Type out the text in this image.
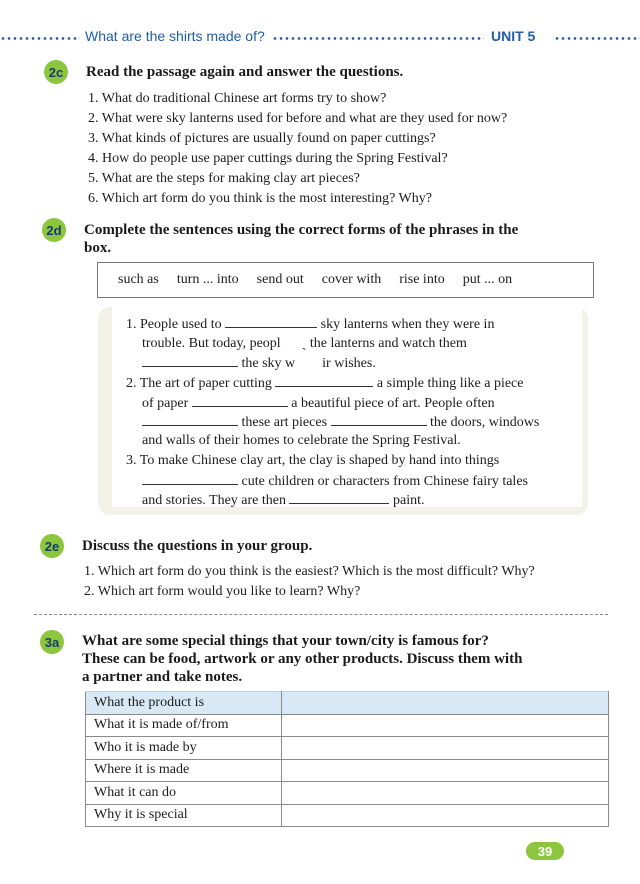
What are the shirts made of?	UNIT 5
2c	Read the passage again and answer the questions.
1. What do traditional Chinese art forms try to show?
2. What were sky lanterns used for before and what are they used for now?
3. What kinds of pictures are usually found on paper cuttings?
4. How do people use paper cuttings during the Spring Festival?
5. What are the steps for making clay art pieces?
6. Which art form do you think is the most interesting? Why?
2d Complete the sentences using the correct forms of the phrases in the
box.
such as turn ... into send out cover with rise into put ... on
1. People used to	sky lanterns when they were in
trouble. But today, peopl ˎ the lanterns and watch them
the sky w ir wishes.
2. The art of paper cutting	a simple thing like a piece
of paper	a beautiful piece of art. People often
these art pieces	the doors, windows
and walls of their homes to celebrate the Spring Festival.
3. To make Chinese clay art, the clay is shaped by hand into things
cute children or characters from Chinese fairy tales
and stories. They are then	paint.
2e	Discuss the questions in your group.
1. Which art form do you think is the easiest? Which is the most difficult? Why?
2. Which art form would you like to learn? Why?
3a	What are some special things that your town/city is famous for?
These can be food, artwork or any other products. Discuss them with
a partner and take notes.
What the product is	
What it is made of/from	
Who it is made by	
Where it is made	
What it can do	
Why it is special	
39
